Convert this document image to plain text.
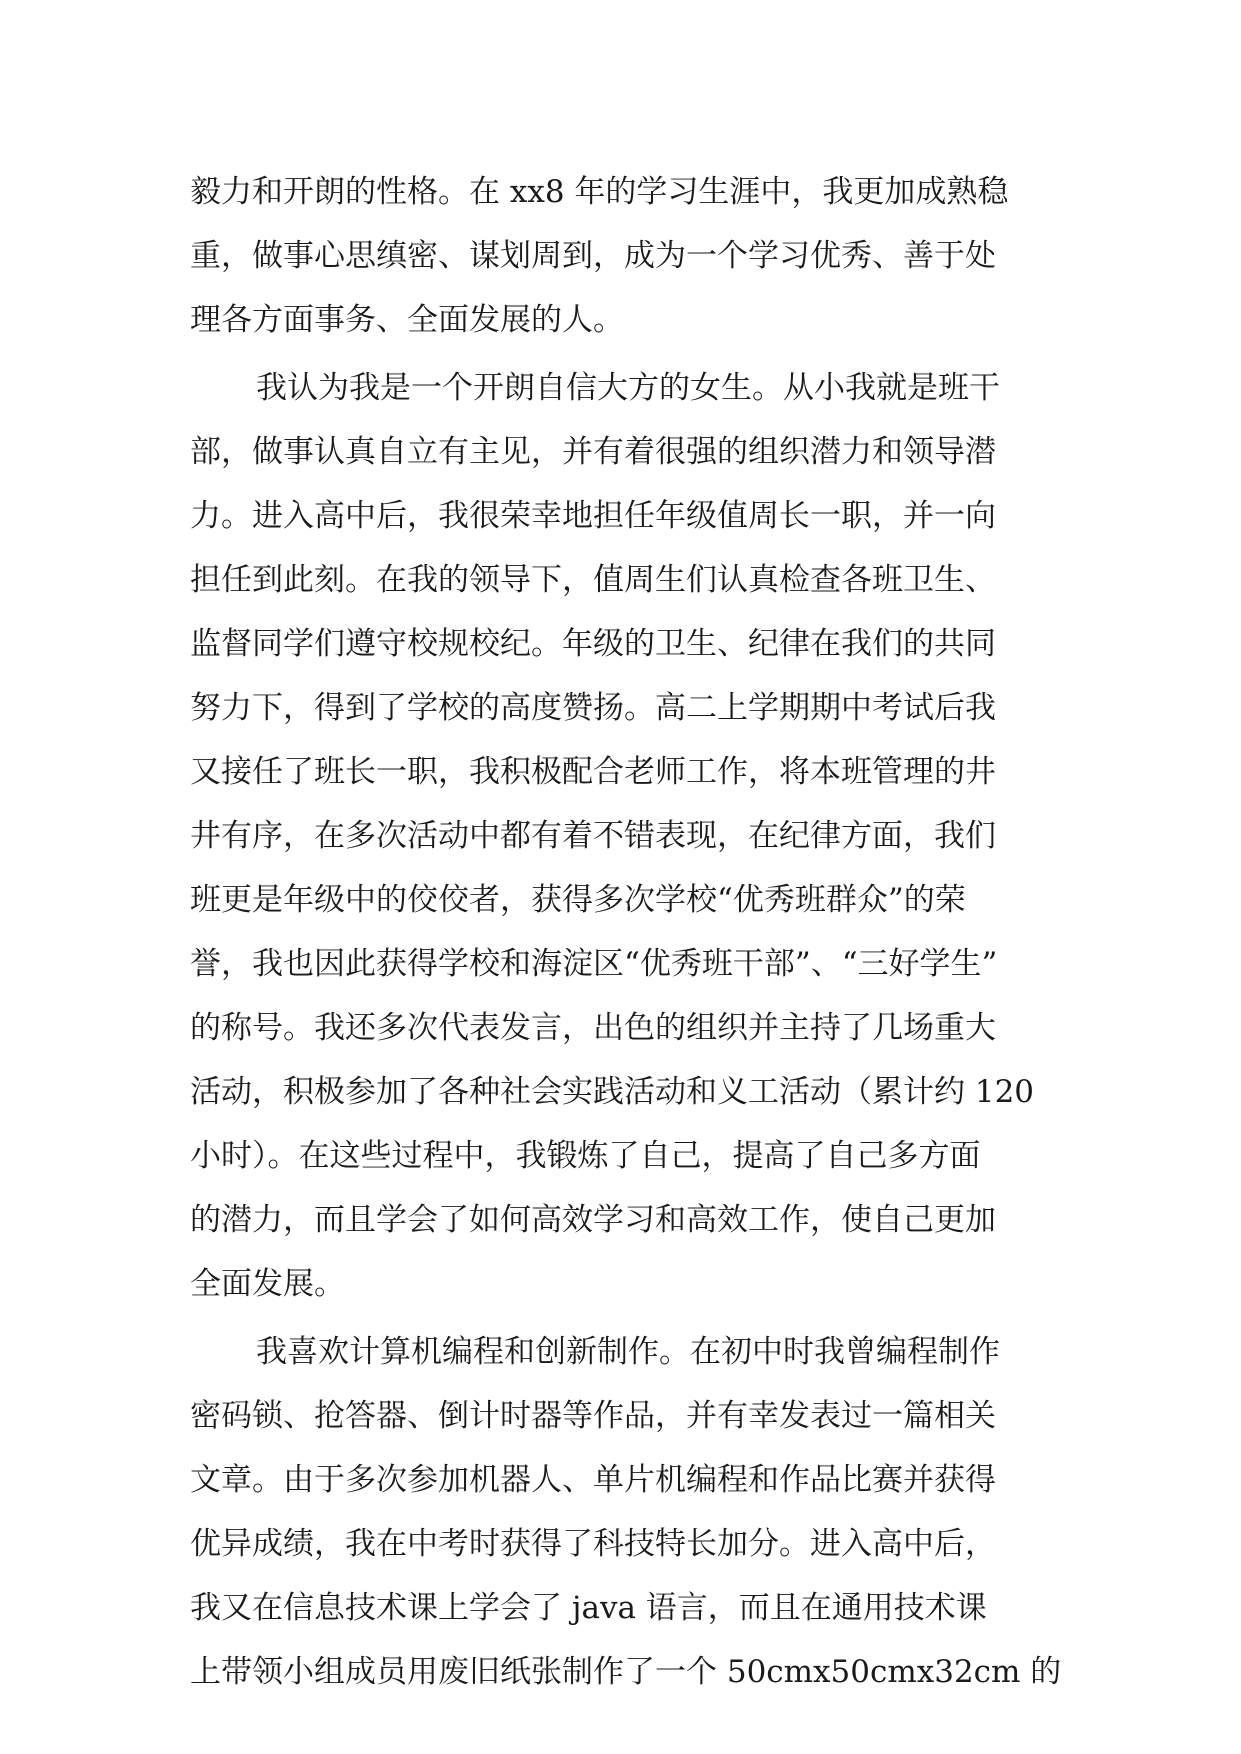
毅力和开朗的性格。在 xx8 年的学习生涯中，我更加成熟稳
重，做事心思缜密、谋划周到，成为一个学习优秀、善于处
理各方面事务、全面发展的人。
我认为我是一个开朗自信大方的女生。从小我就是班干
部，做事认真自立有主见，并有着很强的组织潜力和领导潜
力。进入高中后，我很荣幸地担任年级值周长一职，并一向
担任到此刻。在我的领导下，值周生们认真检查各班卫生、
监督同学们遵守校规校纪。年级的卫生、纪律在我们的共同
努力下，得到了学校的高度赞扬。高二上学期期中考试后我
又接任了班长一职，我积极配合老师工作，将本班管理的井
井有序，在多次活动中都有着不错表现，在纪律方面，我们
班更是年级中的佼佼者，获得多次学校“优秀班群众”的荣
誉，我也因此获得学校和海淀区“优秀班干部”、“三好学生”
的称号。我还多次代表发言，出色的组织并主持了几场重大
活动，积极参加了各种社会实践活动和义工活动（累计约 120
小时）。在这些过程中，我锻炼了自己，提高了自己多方面
的潜力，而且学会了如何高效学习和高效工作，使自己更加
全面发展。
我喜欢计算机编程和创新制作。在初中时我曾编程制作
密码锁、抢答器、倒计时器等作品，并有幸发表过一篇相关
文章。由于多次参加机器人、单片机编程和作品比赛并获得
优异成绩，我在中考时获得了科技特长加分。进入高中后，
我又在信息技术课上学会了 java 语言，而且在通用技术课
上带领小组成员用废旧纸张制作了一个 50cmx50cmx32cm 的
